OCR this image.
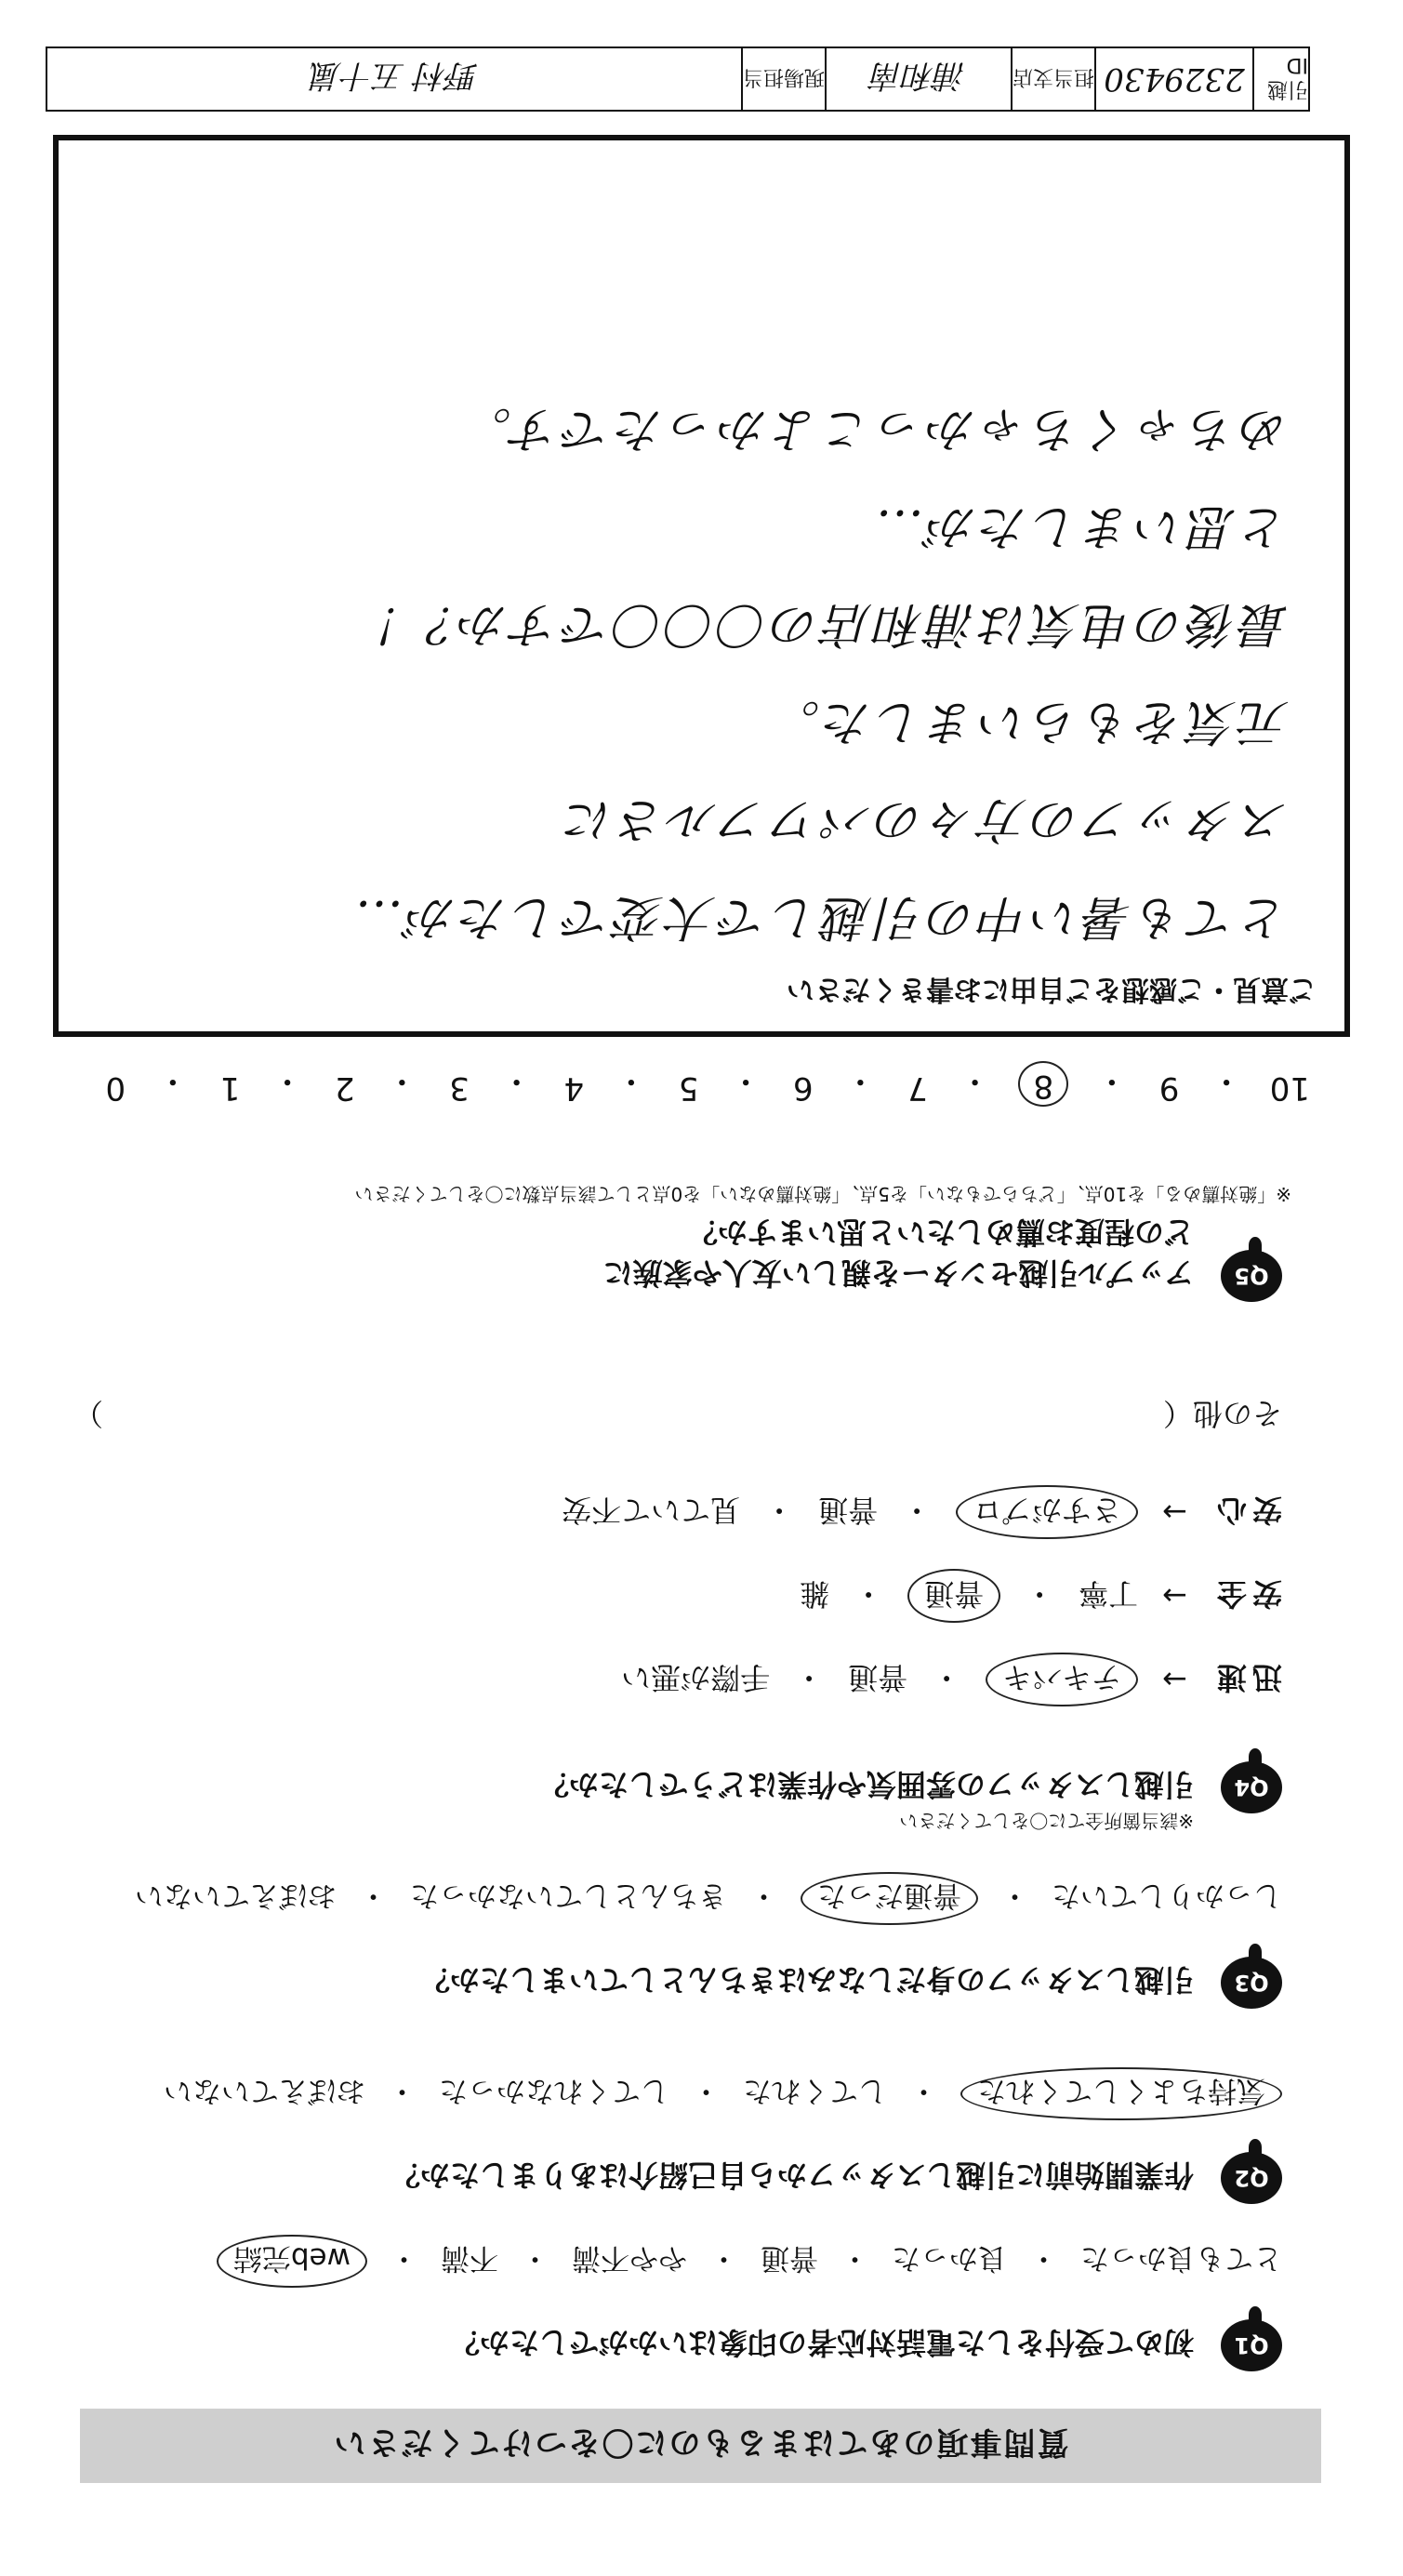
質問事項のあてはまるものに〇をつけてください
Q1
初めて受付をした電話対応者の印象はいかがでしたか？
とても良かった
・
良かった
・
普通
・
やや不満
・
不満
・
web完結
Q2
作業開始前に引越しスタッフから自己紹介はありましたか？
気持ちよくしてくれた
・
してくれた
・
してくれなかった
・
おぼえていない
Q3
引越しスタッフの身だしなみはきちんとしていましたか？
しっかりしていた
・
普通だった
・
きちんとしていなかった
・
おぼえていない
Q4
引越しスタッフの雰囲気や作業はどうでしたか？
※該当箇所全てに〇をしてください
迅速
→
テキパキ
・
普通
・
手際が悪い
安全
→
丁寧
・
普通
・
雑
安心
→
さすがプロ
・
普通
・
見ていて不安
その他（
）
Q5
アップル引越センターを親しい友人や家族に
どの程度お薦めしたいと思いますか？
※「絶対薦める」を10点、「どちらでもない」を5点、「絶対薦めない」を0点として該当点数に〇をしてください
10
・
9
・
8
・
7
・
6
・
5
・
4
・
3
・
2
・
1
・
0
ご意見・ご感想をご自由にお書きください
とても暑い中の引越しで大変でしたが…
スタッフの方々のパワフルさに
元気をもらいました。
最後の电気は浦和店の〇〇〇ですか？！
と思いましたが…
めちゃくちゃかっこよかったです。
引越ID
2329430
担当支店
浦和南
現場担当
野村 五十嵐
